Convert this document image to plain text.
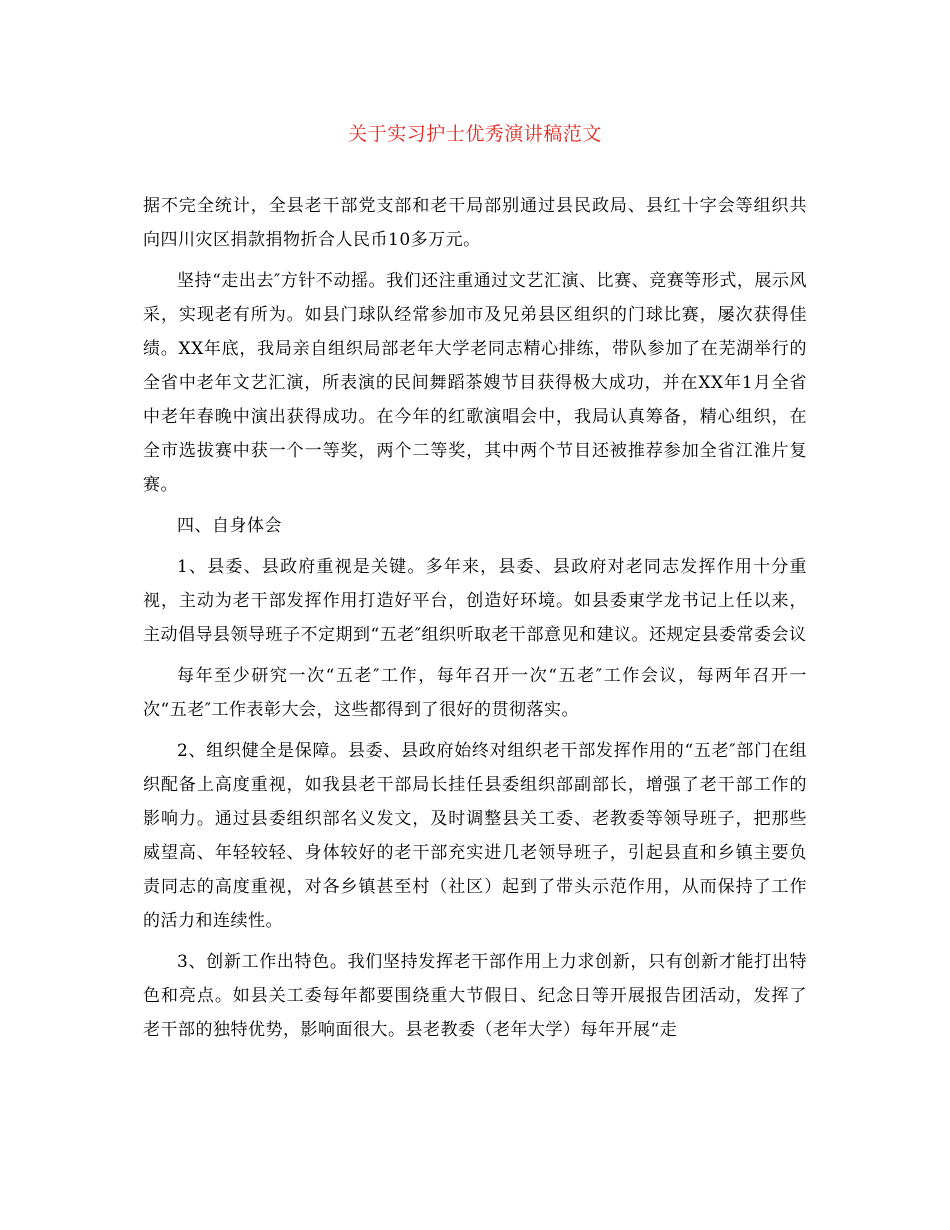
关于实习护士优秀演讲稿范文

据不完全统计，全县老干部党支部和老干局部别通过县民政局、县红十字会等组织共向四川灾区捐款捐物折合人民币10多万元。

坚持“走出去″方针不动摇。我们还注重通过文艺汇演、比赛、竞赛等形式，展示风采，实现老有所为。如县门球队经常参加市及兄弟县区组织的门球比赛，屡次获得佳绩。XX年底，我局亲自组织局部老年大学老同志精心排练，带队参加了在芜湖举行的全省中老年文艺汇演，所表演的民间舞蹈茶嫂节目获得极大成功，并在XX年1月全省中老年春晚中演出获得成功。在今年的红歌演唱会中，我局认真筹备，精心组织，在全市选拔赛中获一个一等奖，两个二等奖，其中两个节目还被推荐参加全省江淮片复赛。

四、自身体会

1、县委、县政府重视是关键。多年来，县委、县政府对老同志发挥作用十分重视，主动为老干部发挥作用打造好平台，创造好环境。如县委東学龙书记上任以来，主动倡导县领导班子不定期到“五老″组织听取老干部意见和建议。还规定县委常委会议

每年至少研究一次“五老″工作，每年召开一次“五老″工作会议，每两年召开一次“五老″工作表彰大会，这些都得到了很好的贯彻落实。

2、组织健全是保障。县委、县政府始终对组织老干部发挥作用的“五老″部门在组织配备上高度重视，如我县老干部局长挂任县委组织部副部长，增强了老干部工作的影响力。通过县委组织部名义发文，及时调整县关工委、老教委等领导班子，把那些威望高、年轻较轻、身体较好的老干部充实进几老领导班子，引起县直和乡镇主要负责同志的高度重视，对各乡镇甚至村（社区）起到了带头示范作用，从而保持了工作的活力和连续性。

3、创新工作出特色。我们坚持发挥老干部作用上力求创新，只有创新才能打出特色和亮点。如县关工委每年都要围绕重大节假日、纪念日等开展报告团活动，发挥了老干部的独特优势，影响面很大。县老教委（老年大学）每年开展“走
